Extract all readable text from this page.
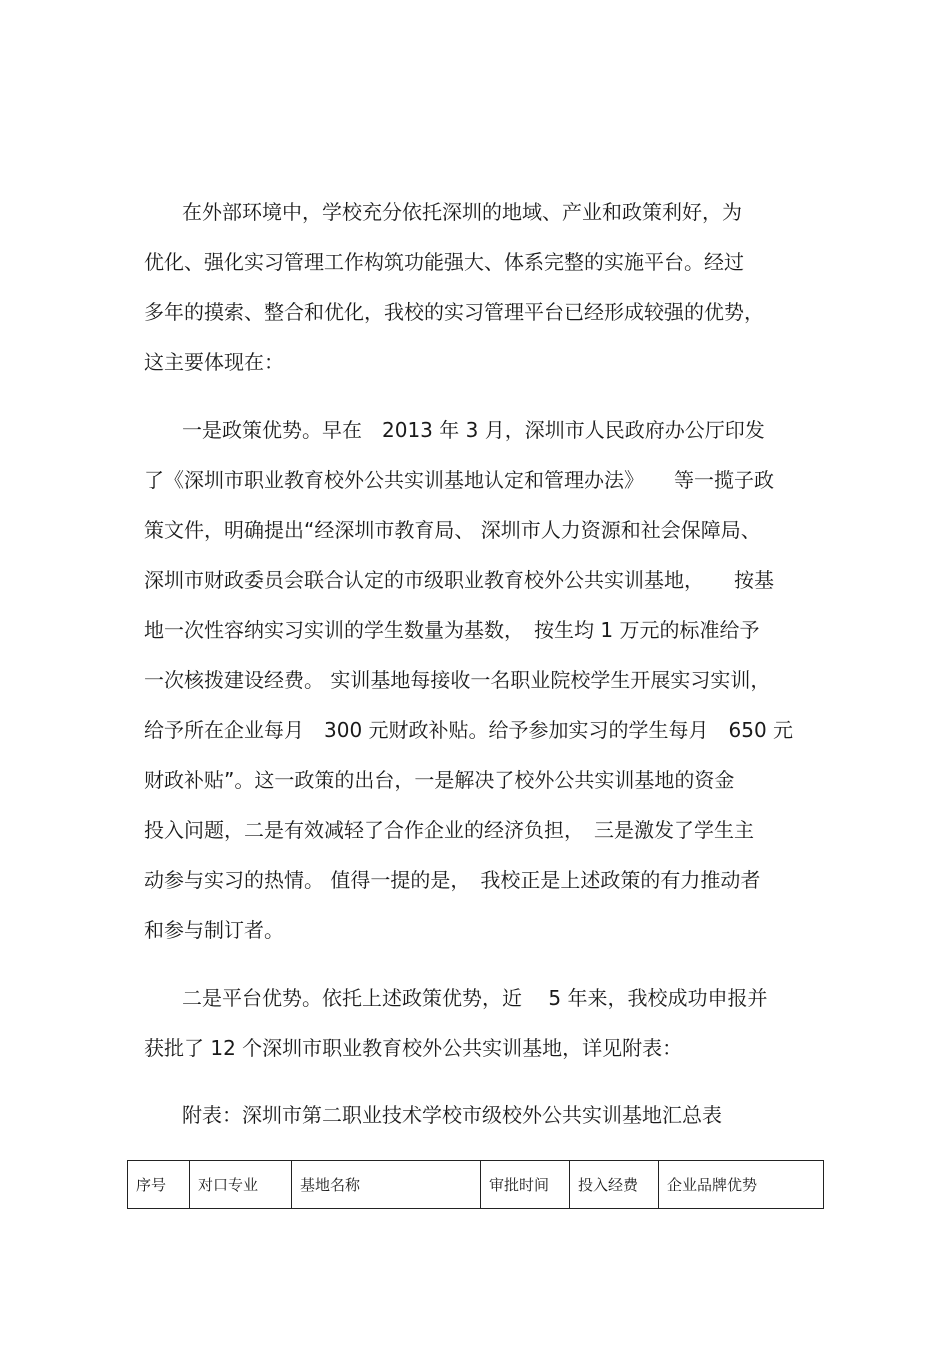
在外部环境中，学校充分依托深圳的地域、产业和政策利好，为
优化、强化实习管理工作构筑功能强大、体系完整的实施平台。经过
多年的摸索、整合和优化，我校的实习管理平台已经形成较强的优势，
这主要体现在：
一是政策优势。早在　2013 年 3 月，深圳市人民政府办公厅印发
了《深圳市职业教育校外公共实训基地认定和管理办法》　　等一揽子政
策文件，明确提出“经深圳市教育局、 深圳市人力资源和社会保障局、
深圳市财政委员会联合认定的市级职业教育校外公共实训基地，　　按基
地一次性容纳实习实训的学生数量为基数，　按生均 1 万元的标准给予
一次核拨建设经费。 实训基地每接收一名职业院校学生开展实习实训，
给予所在企业每月　300 元财政补贴。给予参加实习的学生每月　650 元
财政补贴”。这一政策的出台，一是解决了校外公共实训基地的资金
投入问题，二是有效减轻了合作企业的经济负担，　三是激发了学生主
动参与实习的热情。 值得一提的是，　我校正是上述政策的有力推动者
和参与制订者。
二是平台优势。依托上述政策优势，近　 5 年来，我校成功申报并
获批了 12 个深圳市职业教育校外公共实训基地，详见附表：
附表：深圳市第二职业技术学校市级校外公共实训基地汇总表
序号	对口专业	基地名称	审批时间	投入经费	企业品牌优势
